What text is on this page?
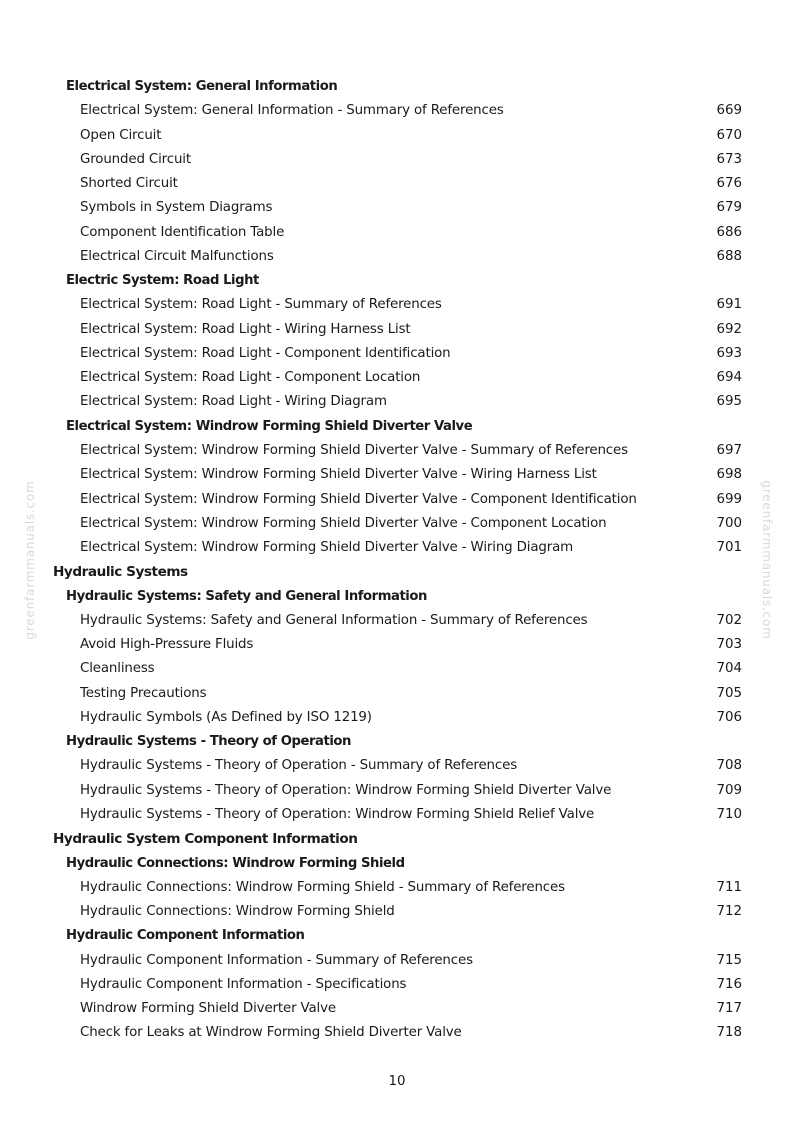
Electrical System: General Information
Electrical System: General Information - Summary of References	669
Open Circuit	670
Grounded Circuit	673
Shorted Circuit	676
Symbols in System Diagrams	679
Component Identification Table	686
Electrical Circuit Malfunctions	688
Electric System: Road Light
Electrical System: Road Light - Summary of References	691
Electrical System: Road Light - Wiring Harness List	692
Electrical System: Road Light - Component Identification	693
Electrical System: Road Light - Component Location	694
Electrical System: Road Light - Wiring Diagram	695
Electrical System: Windrow Forming Shield Diverter Valve
Electrical System: Windrow Forming Shield Diverter Valve - Summary of References	697
Electrical System: Windrow Forming Shield Diverter Valve - Wiring Harness List	698
Electrical System: Windrow Forming Shield Diverter Valve - Component Identification	699
Electrical System: Windrow Forming Shield Diverter Valve - Component Location	700
Electrical System: Windrow Forming Shield Diverter Valve - Wiring Diagram	701
Hydraulic Systems
Hydraulic Systems: Safety and General Information
Hydraulic Systems: Safety and General Information - Summary of References	702
Avoid High-Pressure Fluids	703
Cleanliness	704
Testing Precautions	705
Hydraulic Symbols (As Defined by ISO 1219)	706
Hydraulic Systems - Theory of Operation
Hydraulic Systems - Theory of Operation - Summary of References	708
Hydraulic Systems - Theory of Operation: Windrow Forming Shield Diverter Valve	709
Hydraulic Systems - Theory of Operation: Windrow Forming Shield Relief Valve	710
Hydraulic System Component Information
Hydraulic Connections: Windrow Forming Shield
Hydraulic Connections: Windrow Forming Shield - Summary of References	711
Hydraulic Connections: Windrow Forming Shield	712
Hydraulic Component Information
Hydraulic Component Information - Summary of References	715
Hydraulic Component Information - Specifications	716
Windrow Forming Shield Diverter Valve	717
Check for Leaks at Windrow Forming Shield Diverter Valve	718
greenfarmmanuals.com	greenfarmmanuals.com
10
